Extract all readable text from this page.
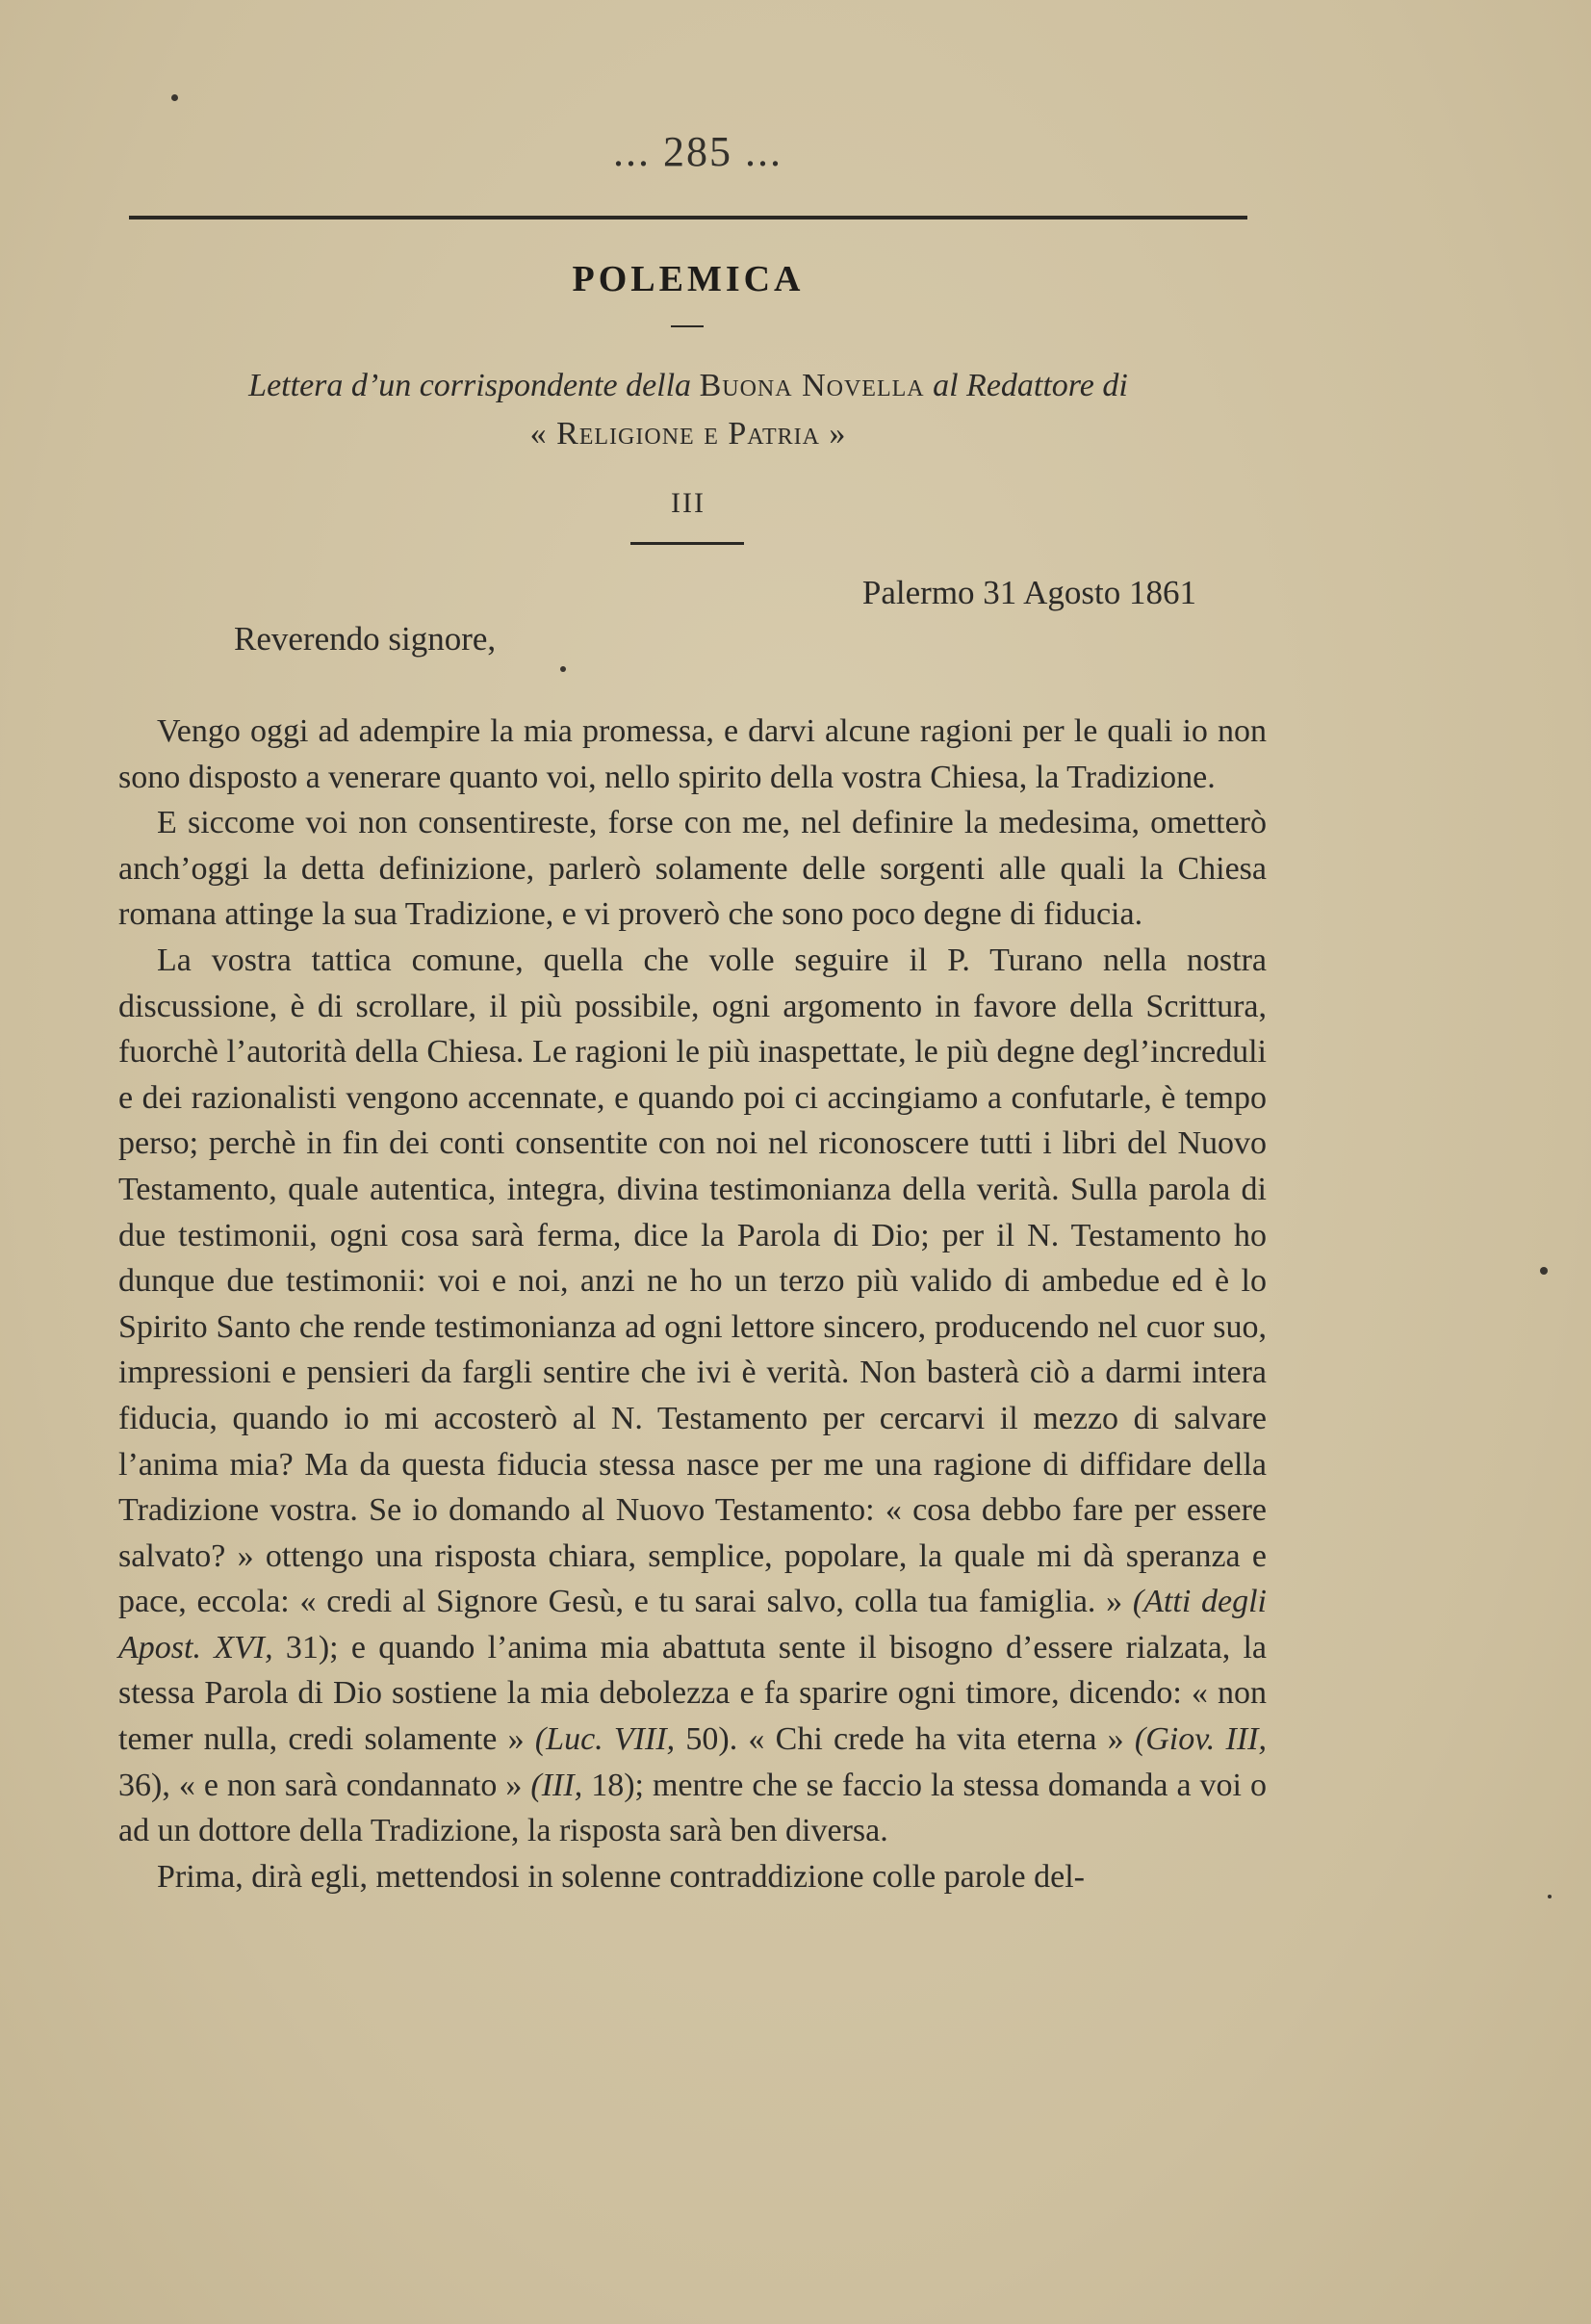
... 285 ...
POLEMICA
Lettera d’un corrispondente della Buona Novella al Redattore di
« Religione e Patria »
III
Palermo 31 Agosto 1861
Reverendo signore,

Vengo oggi ad adempire la mia promessa, e darvi alcune ragioni per le quali io non sono disposto a venerare quanto voi, nello spirito della vostra Chiesa, la Tradizione.

E siccome voi non consentireste, forse con me, nel definire la medesima, ometterò anch’oggi la detta definizione, parlerò solamente delle sorgenti alle quali la Chiesa romana attinge la sua Tradizione, e vi proverò che sono poco degne di fiducia.

La vostra tattica comune, quella che volle seguire il P. Turano nella nostra discussione, è di scrollare, il più possibile, ogni argomento in favore della Scrittura, fuorchè l’autorità della Chiesa. Le ragioni le più inaspettate, le più degne degl’increduli e dei razionalisti vengono accennate, e quando poi ci accingiamo a confutarle, è tempo perso; perchè in fin dei conti consentite con noi nel riconoscere tutti i libri del Nuovo Testamento, quale autentica, integra, divina testimonianza della verità. Sulla parola di due testimonii, ogni cosa sarà ferma, dice la Parola di Dio; per il N. Testamento ho dunque due testimonii: voi e noi, anzi ne ho un terzo più valido di ambedue ed è lo Spirito Santo che rende testimonianza ad ogni lettore sincero, producendo nel cuor suo, impressioni e pensieri da fargli sentire che ivi è verità. Non basterà ciò a darmi intera fiducia, quando io mi accosterò al N. Testamento per cercarvi il mezzo di salvare l’anima mia? Ma da questa fiducia stessa nasce per me una ragione di diffidare della Tradizione vostra. Se io domando al Nuovo Testamento: « cosa debbo fare per essere salvato? » ottengo una risposta chiara, semplice, popolare, la quale mi dà speranza e pace, eccola: « credi al Signore Gesù, e tu sarai salvo, colla tua famiglia. » (Atti degli Apost. XVI, 31); e quando l’anima mia abattuta sente il bisogno d’essere rialzata, la stessa Parola di Dio sostiene la mia debolezza e fa sparire ogni timore, dicendo: « non temer nulla, credi solamente » (Luc. VIII, 50). « Chi crede ha vita eterna » (Giov. III, 36), « e non sarà condannato » (III, 18); mentre che se faccio la stessa domanda a voi o ad un dottore della Tradizione, la risposta sarà ben diversa.

Prima, dirà egli, mettendosi in solenne contraddizione colle parole del-
